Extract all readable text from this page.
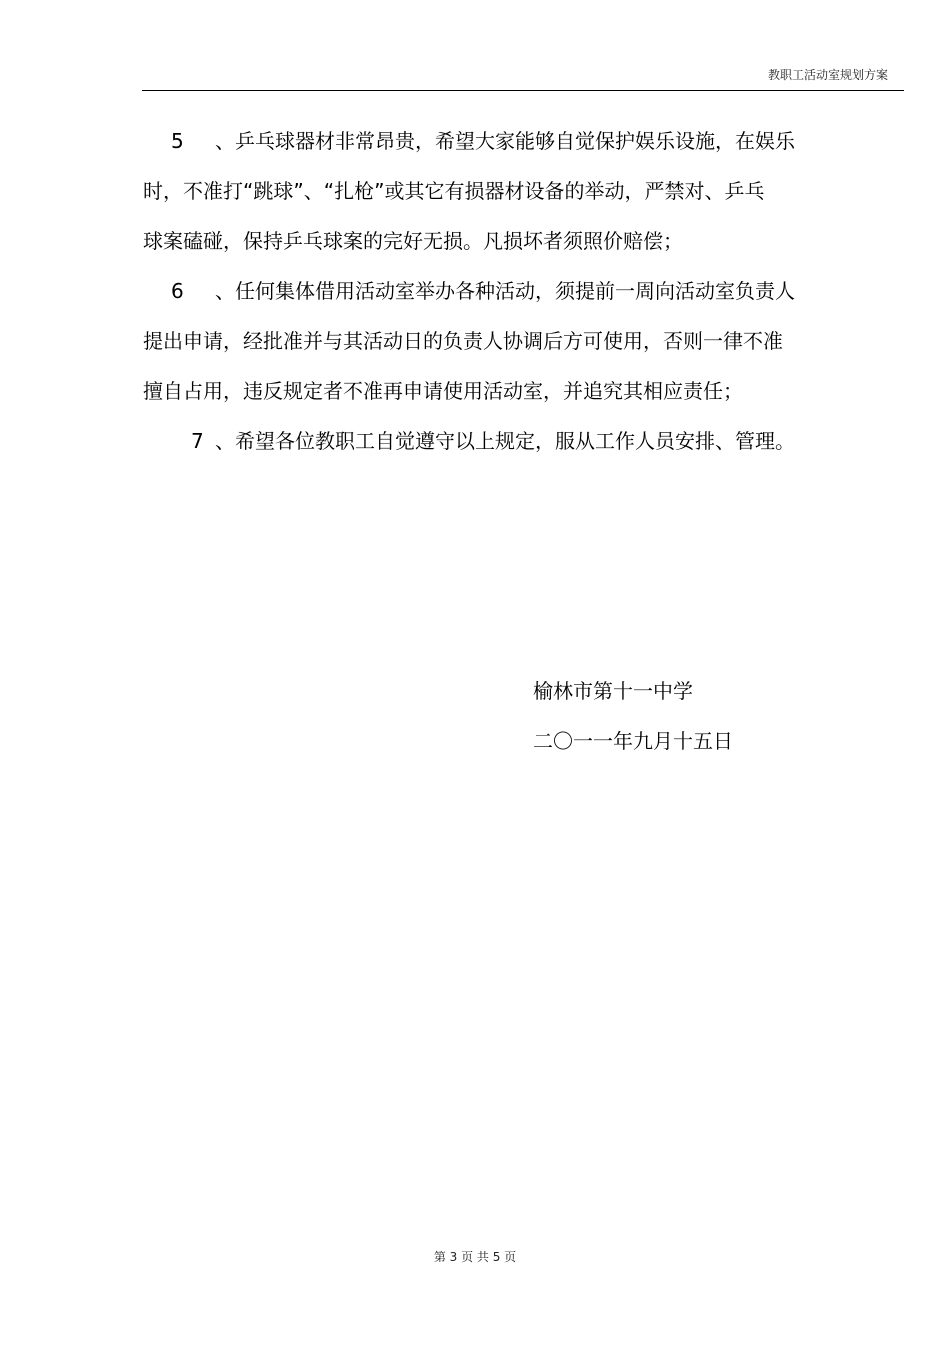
教职工活动室规划方案
5 、乒乓球器材非常昂贵，希望大家能够自觉保护娱乐设施，在娱乐
时，不准打“跳球”、“扎枪”或其它有损器材设备的举动，严禁对、乒乓
球案磕碰，保持乒乓球案的完好无损。凡损坏者须照价赔偿；
6 、任何集体借用活动室举办各种活动，须提前一周向活动室负责人
提出申请，经批准并与其活动日的负责人协调后方可使用，否则一律不准
擅自占用，违反规定者不准再申请使用活动室，并追究其相应责任；
7 、希望各位教职工自觉遵守以上规定，服从工作人员安排、管理。
榆林市第十一中学
二〇一一年九月十五日
第 3 页 共 5 页
